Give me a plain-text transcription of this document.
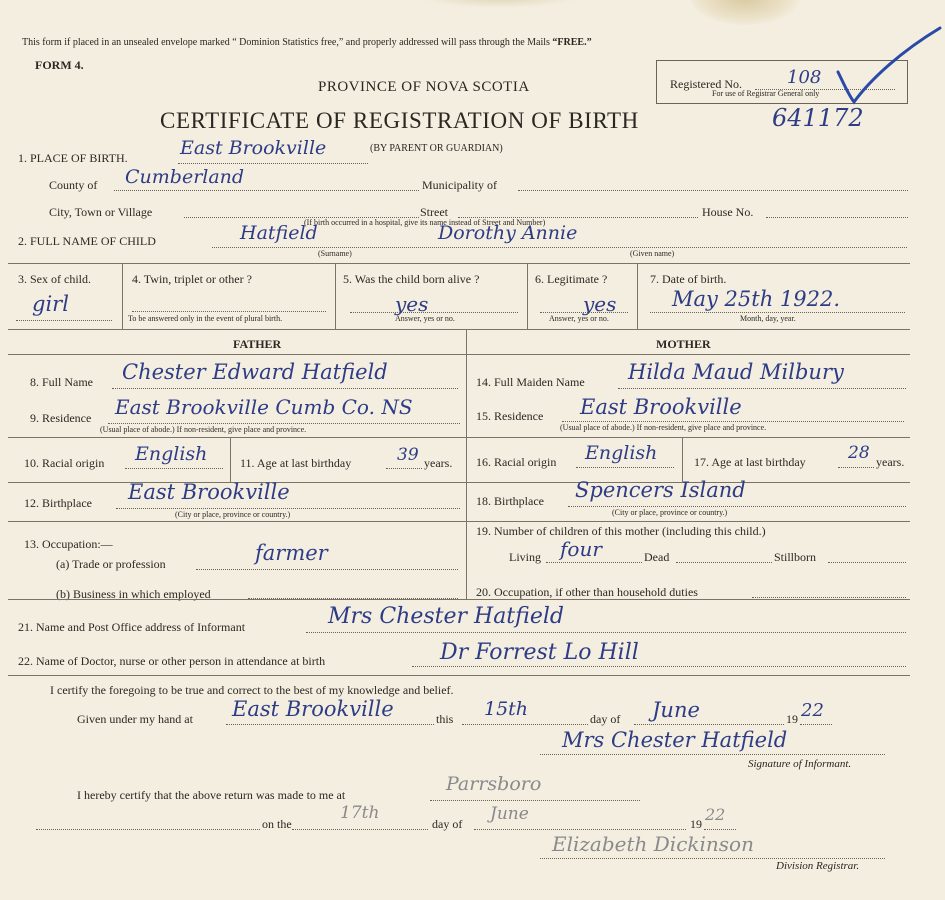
This form if placed in an unsealed envelope marked “ Dominion Statistics free,” and properly addressed will pass through the Mails “FREE.”
FORM 4.
PROVINCE OF NOVA SCOTIA
CERTIFICATE OF REGISTRATION OF BIRTH	641172
Registered No.	108
For use of Registrar General only
1. PLACE OF BIRTH.	East Brookville	(BY PARENT OR GUARDIAN)
County of Cumberland	Municipality of
City, Town or Village	Street	House No.
(If birth occurred in a hospital, give its name instead of Street and Number)
2. FULL NAME OF CHILD	Hatfield	Dorothy Annie
(Surname)	(Given name)
3. Sex of child.
girl
4. Twin, triplet or other ?
To be answered only in the event of plural birth.
5. Was the child born alive ?
yes
Answer, yes or no.
6. Legitimate ?
yes
Answer, yes or no.
7. Date of birth.
May 25th 1922.
Month, day, year.
FATHER	MOTHER
8. Full Name Chester Edward Hatfield	14. Full Maiden Name Hilda Maud Milbury
9. Residence East Brookville Cumb Co. NS
(Usual place of abode.) If non-resident, give place and province.
15. Residence East Brookville
(Usual place of abode.) If non-resident, give place and province.
10. Racial origin English	11. Age at last birthday	39 years. 16. Racial origin English	17. Age at last birthday 28 years.
12. Birthplace East Brookville
(City or place, province or country.)
18. Birthplace Spencers Island
(City or place, province or country.)
13. Occupation:—
(a) Trade or profession	farmer
(b) Business in which employed
19. Number of children of this mother (including this child.)
Living four	Dead	Stillborn
20. Occupation, if other than household duties
21. Name and Post Office address of Informant	Mrs Chester Hatfield
22. Name of Doctor, nurse or other person in attendance at birth	Dr Forrest Lo Hill
I certify the foregoing to be true and correct to the best of my knowledge and belief.
Given under my hand at East Brookville	this 15th	day of June	19 22
Mrs Chester Hatfield
Signature of Informant.
I hereby certify that the above return was made to me at	Parrsboro
on the
17th
day of June	19 22
Elizabeth Dickinson
Division Registrar.
